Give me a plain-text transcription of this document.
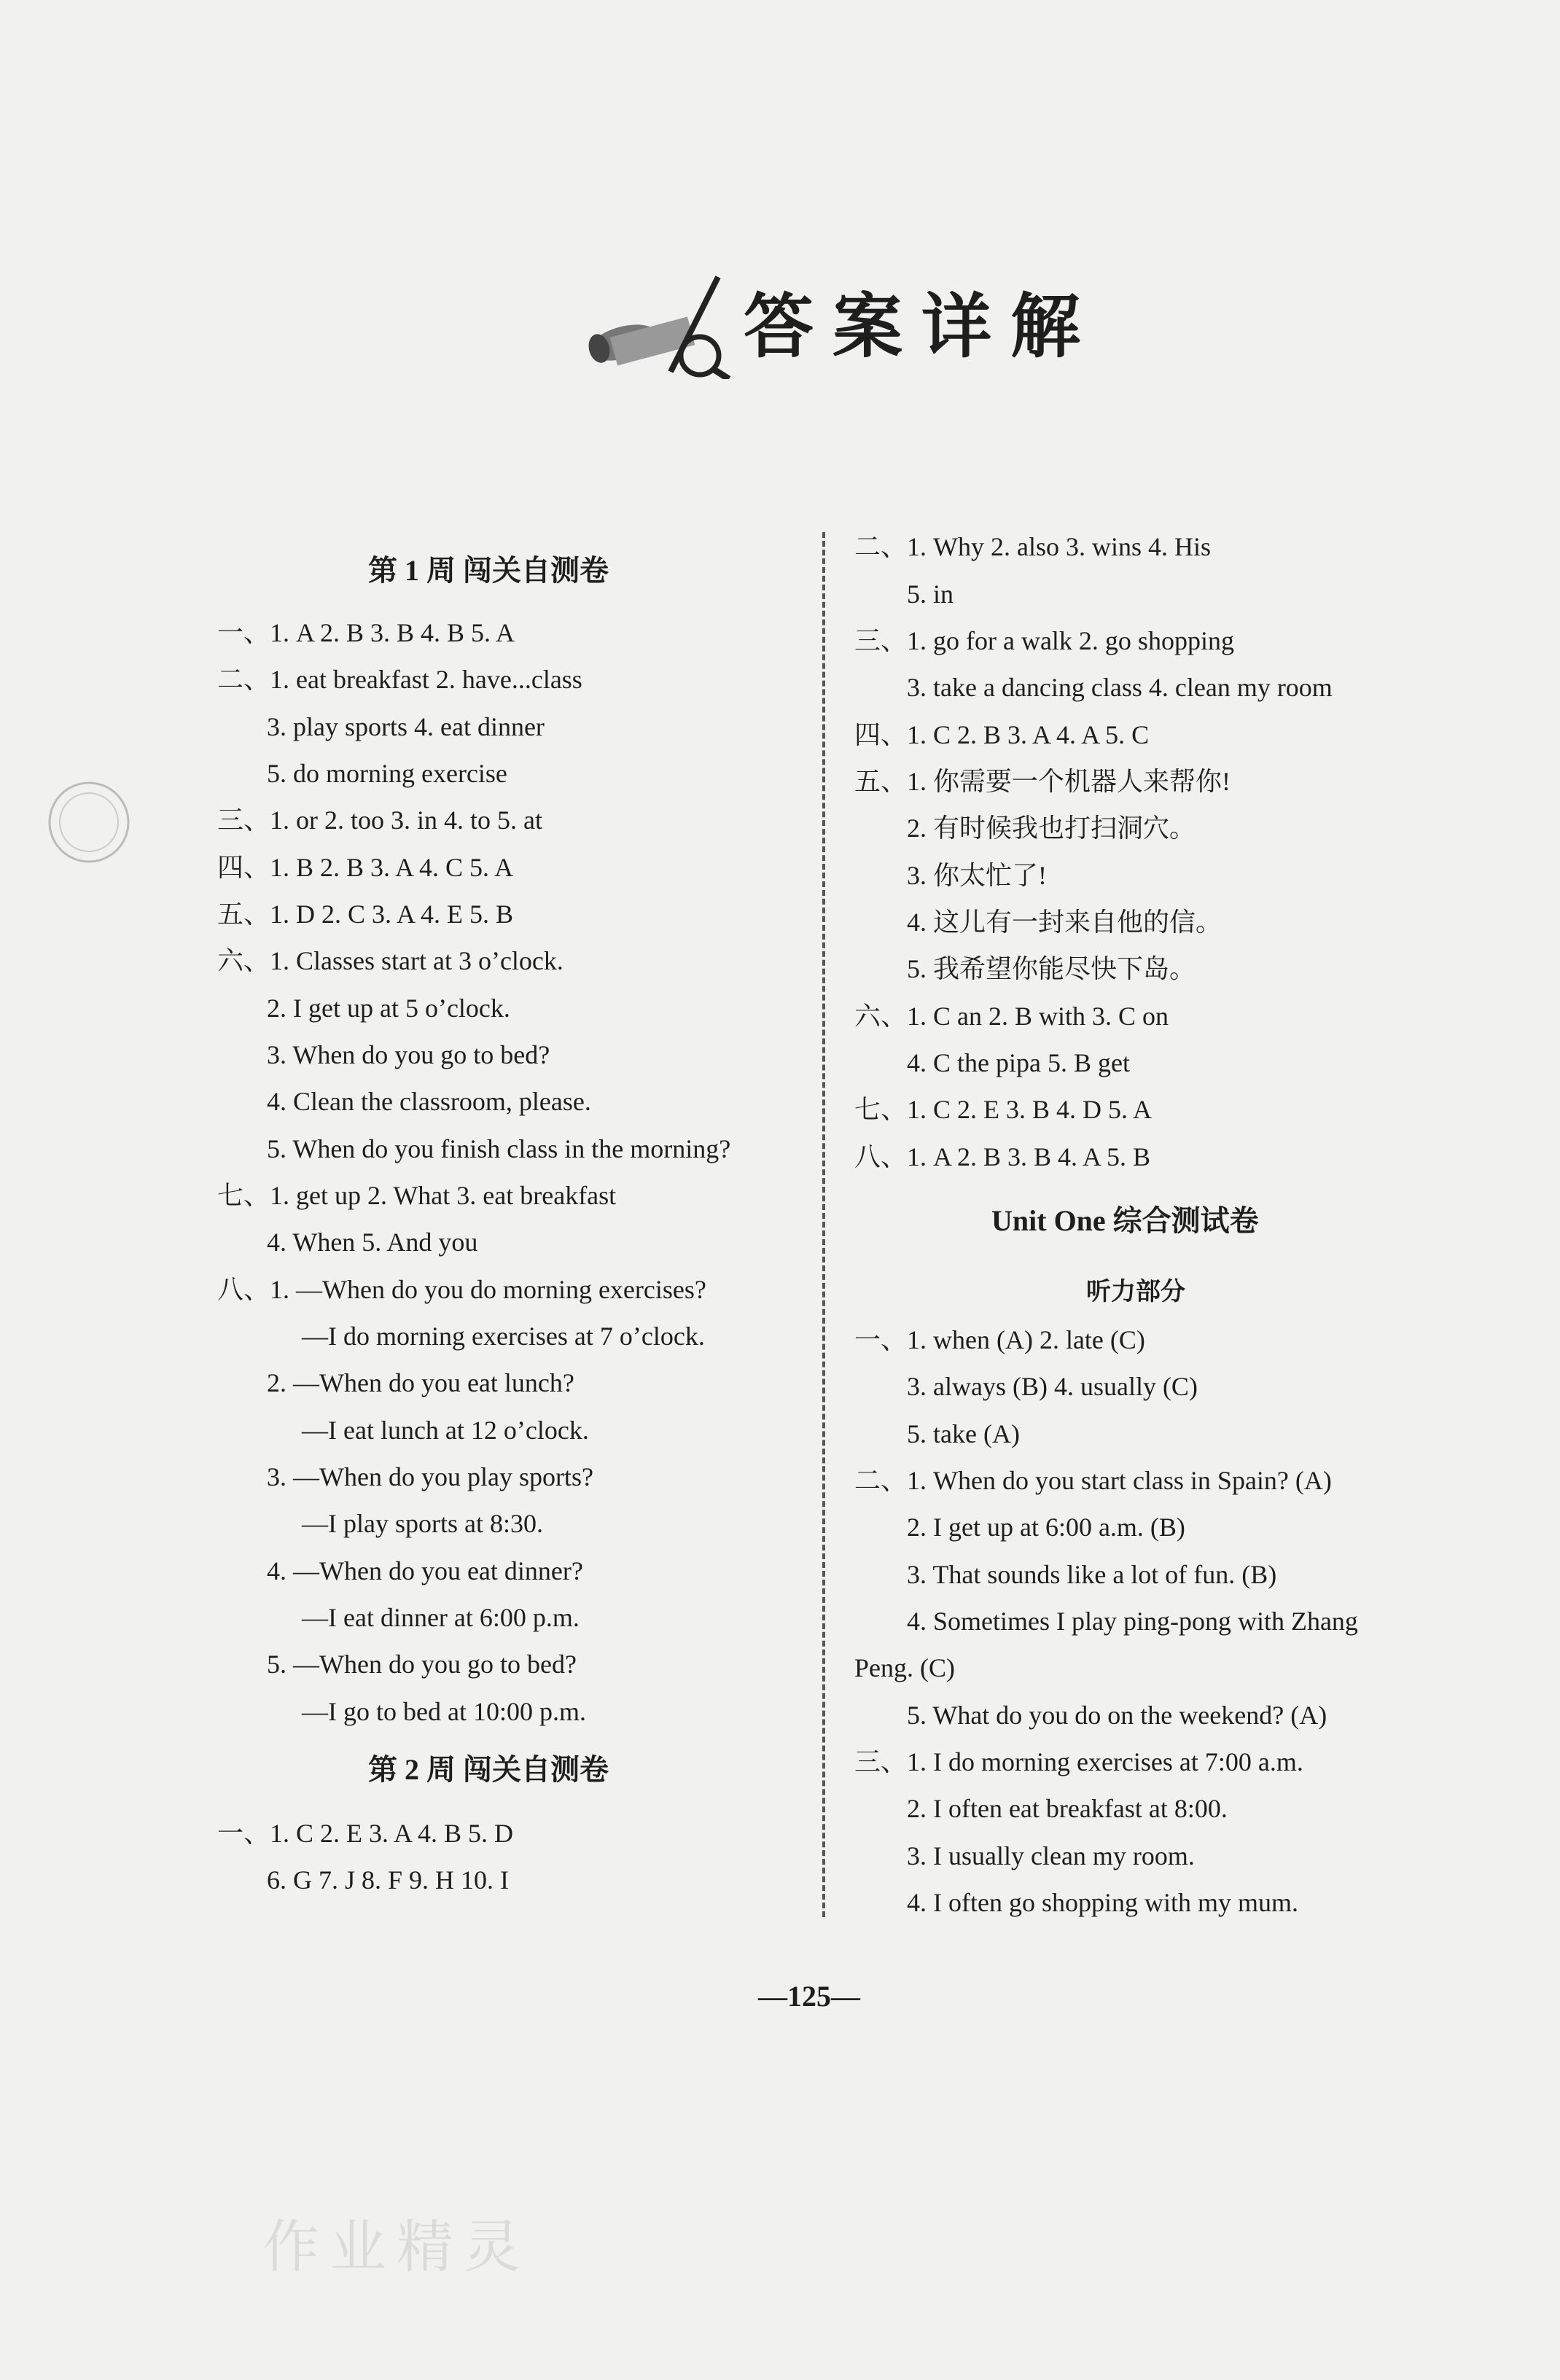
答案详解
第 1 周 闯关自测卷
一、1. A 2. B 3. B 4. B 5. A
二、1. eat breakfast 2. have...class
3. play sports 4. eat dinner
5. do morning exercise
三、1. or 2. too 3. in 4. to 5. at
四、1. B 2. B 3. A 4. C 5. A
五、1. D 2. C 3. A 4. E 5. B
六、1. Classes start at 3 o’clock.
2. I get up at 5 o’clock.
3. When do you go to bed?
4. Clean the classroom, please.
5. When do you finish class in the morning?
七、1. get up 2. What 3. eat breakfast
4. When 5. And you
八、1. —When do you do morning exercises?
—I do morning exercises at 7 o’clock.
2. —When do you eat lunch?
—I eat lunch at 12 o’clock.
3. —When do you play sports?
—I play sports at 8:30.
4. —When do you eat dinner?
—I eat dinner at 6:00 p.m.
5. —When do you go to bed?
—I go to bed at 10:00 p.m.
第 2 周 闯关自测卷
一、1. C 2. E 3. A 4. B 5. D
6. G 7. J 8. F 9. H 10. I
二、1. Why 2. also 3. wins 4. His
5. in
三、1. go for a walk 2. go shopping
3. take a dancing class 4. clean my room
四、1. C 2. B 3. A 4. A 5. C
五、1. 你需要一个机器人来帮你!
2. 有时候我也打扫洞穴。
3. 你太忙了!
4. 这儿有一封来自他的信。
5. 我希望你能尽快下岛。
六、1. C an 2. B with 3. C on
4. C the pipa 5. B get
七、1. C 2. E 3. B 4. D 5. A
八、1. A 2. B 3. B 4. A 5. B
Unit One 综合测试卷
听力部分
一、1. when (A) 2. late (C)
3. always (B) 4. usually (C)
5. take (A)
二、1. When do you start class in Spain? (A)
2. I get up at 6:00 a.m. (B)
3. That sounds like a lot of fun. (B)
4. Sometimes I play ping-pong with Zhang
Peng. (C)
5. What do you do on the weekend? (A)
三、1. I do morning exercises at 7:00 a.m.
2. I often eat breakfast at 8:00.
3. I usually clean my room.
4. I often go shopping with my mum.
—125—
作业精灵
